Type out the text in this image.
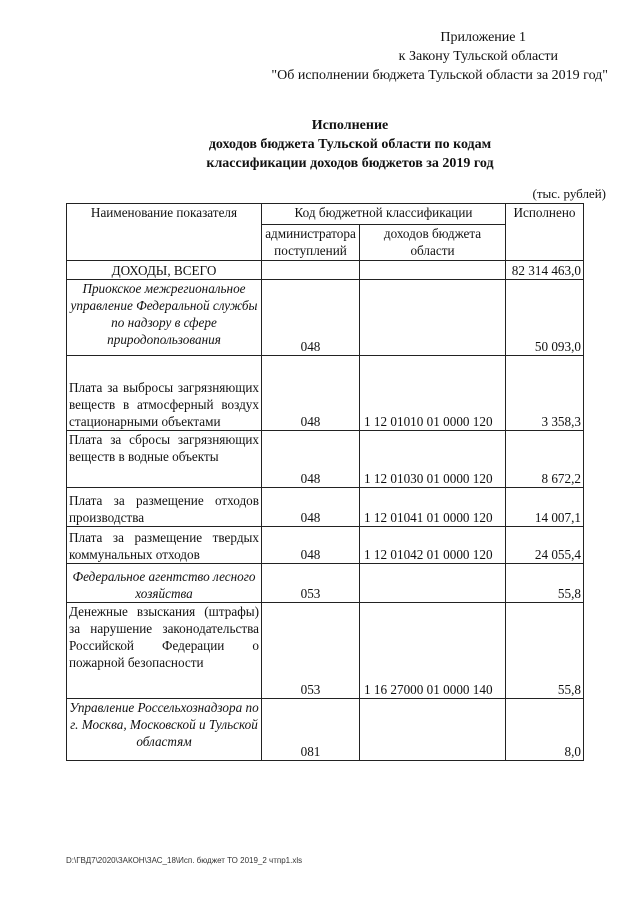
Приложение 1
к Закону Тульской области
"Об исполнении бюджета Тульской области за 2019 год"
Исполнение
доходов бюджета Тульской области по кодам
классификации доходов бюджетов за 2019 год
(тыс. рублей)
Наименование показателя	Код бюджетной классификации		Исполнено
	администратора поступлений	доходов бюджета области	
ДОХОДЫ, ВСЕГО			82 314 463,0
Приокское межрегиональное управление Федеральной службы по надзору в сфере природопользования	048		50 093,0
Плата за выбросы загрязняющих веществ в атмосферный воздух стационарными объектами	048	1 12 01010 01 0000 120	3 358,3
Плата за сбросы загрязняющих веществ в водные объекты	048	1 12 01030 01 0000 120	8 672,2
Плата за размещение отходов производства	048	1 12 01041 01 0000 120	14 007,1
Плата за размещение твердых коммунальных отходов	048	1 12 01042 01 0000 120	24 055,4
Федеральное агентство лесного хозяйства	053		55,8
Денежные взыскания (штрафы) за нарушение законодательства Российской Федерации о пожарной безопасности	053	1 16 27000 01 0000 140	55,8
Управление Россельхознадзора по г. Москва, Московской и Тульской областям	081		8,0
D:\ГВД7\2020\ЗАКОН\ЗАС_18\Исп. бюджет ТО 2019_2 чтпр1.xls
